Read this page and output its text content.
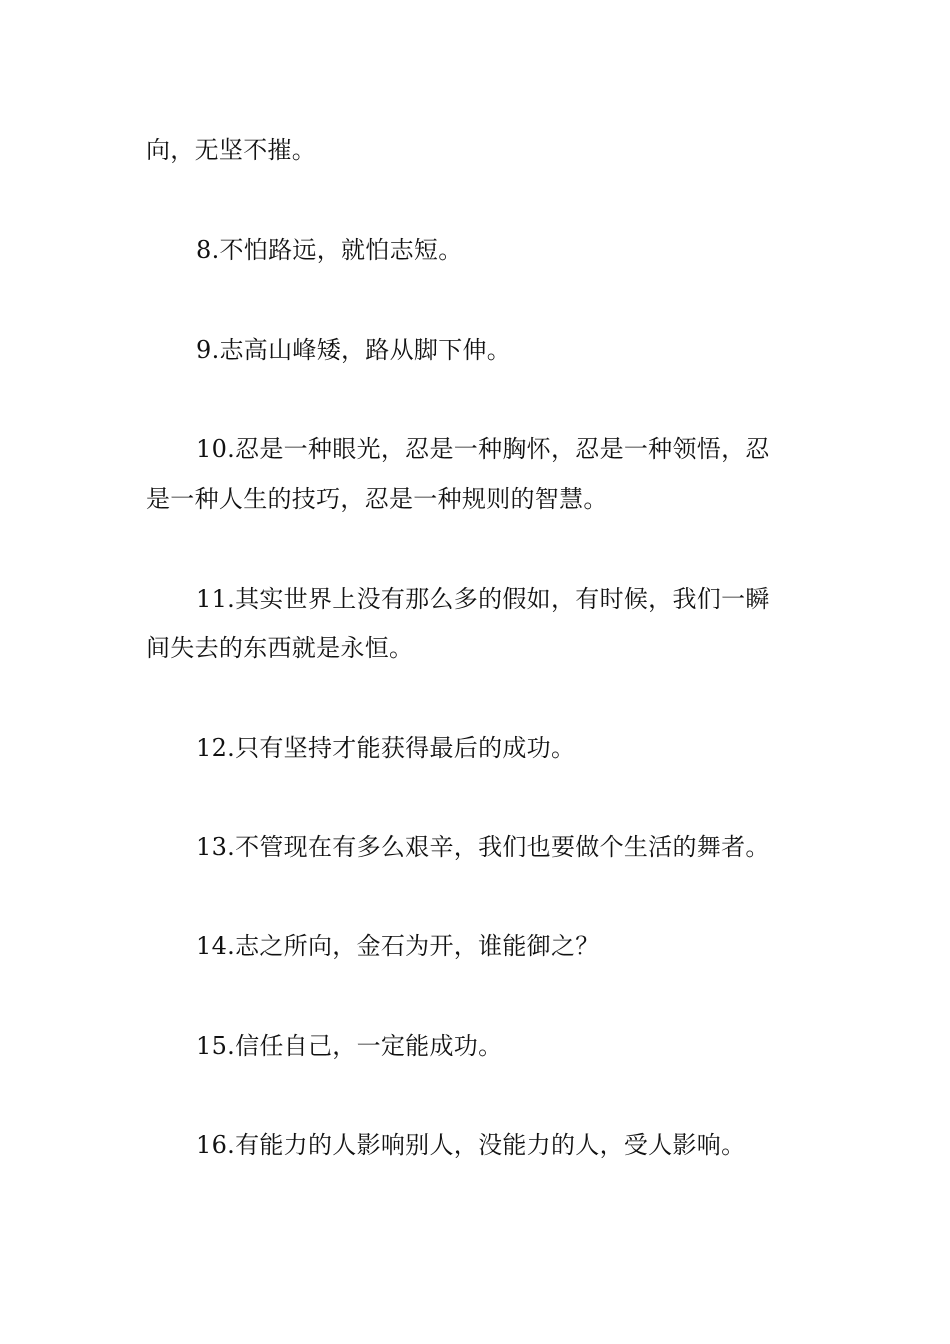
向，无坚不摧。

8.不怕路远，就怕志短。

9.志高山峰矮，路从脚下伸。

10.忍是一种眼光，忍是一种胸怀，忍是一种领悟，忍

是一种人生的技巧，忍是一种规则的智慧。

11.其实世界上没有那么多的假如，有时候，我们一瞬

间失去的东西就是永恒。

12.只有坚持才能获得最后的成功。

13.不管现在有多么艰辛，我们也要做个生活的舞者。

14.志之所向，金石为开，谁能御之？

15.信任自己，一定能成功。

16.有能力的人影响别人，没能力的人，受人影响。
